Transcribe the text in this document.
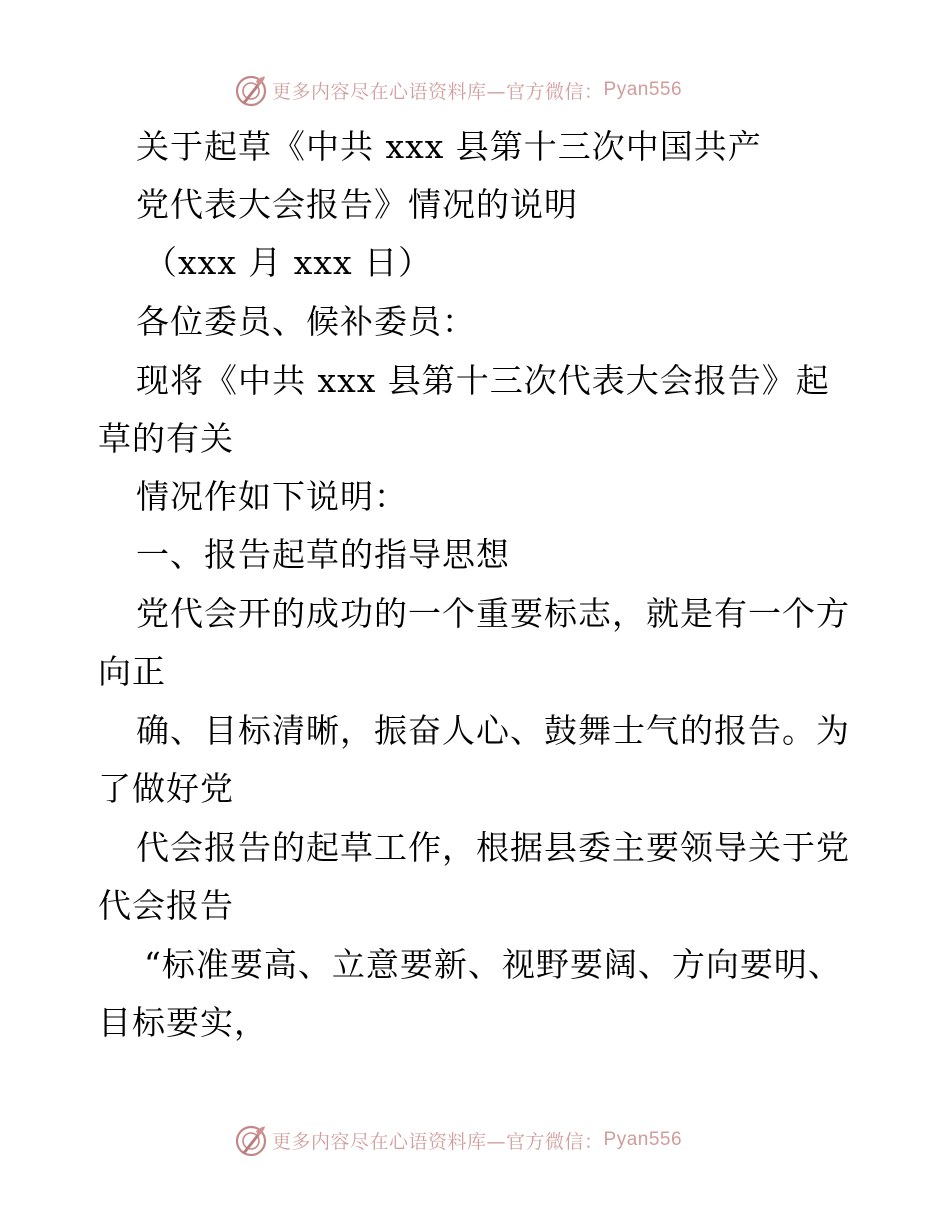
更多内容尽在心语资料库—官方微信： Pyan556
关于起草《中共 xxx 县第十三次中国共产
党代表大会报告》情况的说明
（xxx 月 xxx 日）
各位委员、候补委员：
现将《中共 xxx 县第十三次代表大会报告》起
草的有关
情况作如下说明：
一、报告起草的指导思想
党代会开的成功的一个重要标志，就是有一个方
向正
确、目标清晰，振奋人心、鼓舞士气的报告。为
了做好党
代会报告的起草工作，根据县委主要领导关于党
代会报告
“标准要高、立意要新、视野要阔、方向要明、
目标要实，
更多内容尽在心语资料库—官方微信： Pyan556
